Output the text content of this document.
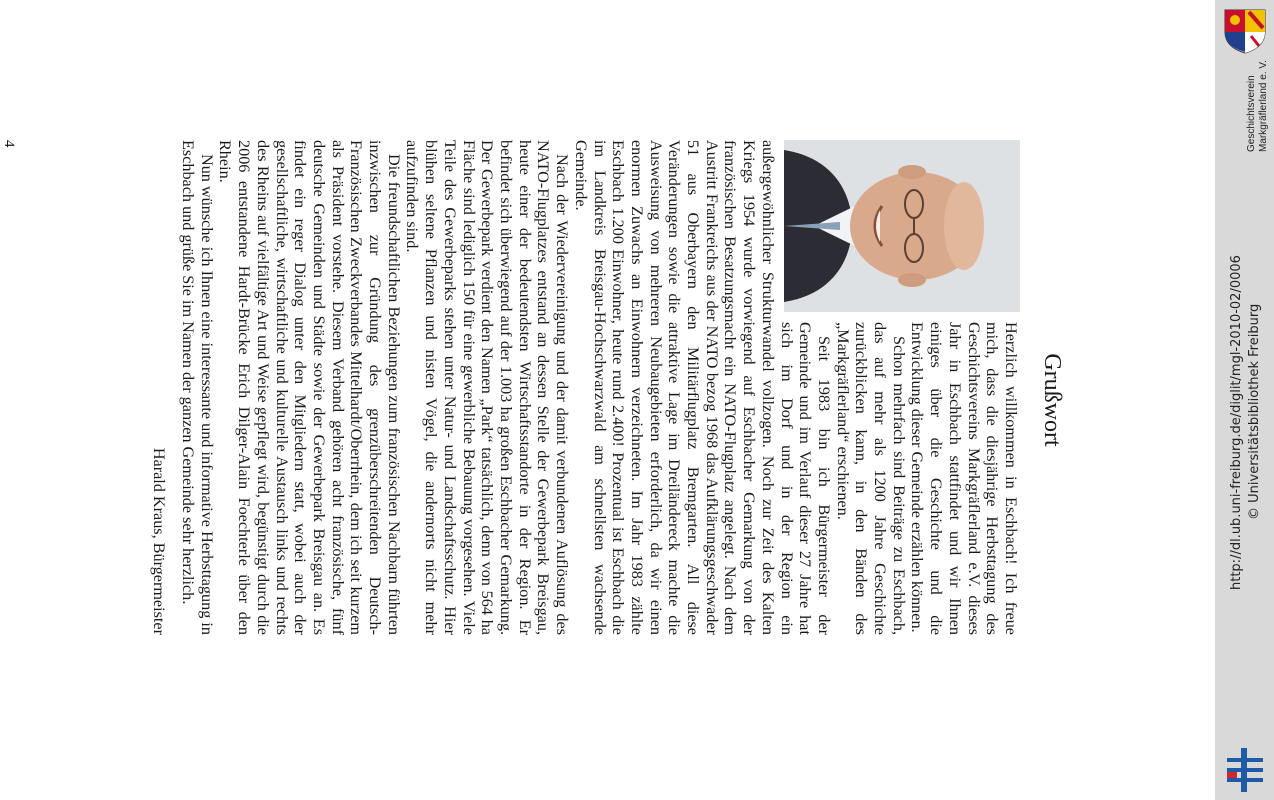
Grußwort

Herzlich willkommen in Eschbach! Ich freue mich, dass die diesjährige Herbsttagung des Geschichtsvereins Markgräflerland e.V. dieses Jahr in Eschbach stattfindet und wir Ihnen einiges über die Geschichte und die Entwicklung dieser Gemeinde erzählen können.

Schon mehrfach sind Beiträge zu Eschbach, das auf mehr als 1200 Jahre Geschichte zurückblicken kann, in den Bänden des „Markgräflerland“ erschienen.

Seit 1983 bin ich Bürgermeister der Gemeinde und im Verlauf dieser 27 Jahre hat sich im Dorf und in der Region ein außergewöhnlicher Strukturwandel vollzogen. Noch zur Zeit des Kalten Kriegs 1954 wurde vorwiegend auf Eschbacher Gemarkung von der französischen Besatzungsmacht ein NATO-Flugplatz angelegt. Nach dem Austritt Frankreichs aus der NATO bezog 1968 das Aufklärungsgeschwader 51 aus Oberbayern den Militärflugplatz Bremgarten. All diese Veränderungen sowie die attraktive Lage im Dreiländereck machte die Ausweisung von mehreren Neubaugebieten erforderlich, da wir einen enormen Zuwachs an Einwohnern verzeichneten. Im Jahr 1983 zählte Eschbach 1.200 Einwohner, heute rund 2.400! Prozentual ist Eschbach die im Landkreis Breisgau-Hochschwarzwald am schnellsten wachsende Gemeinde.

Nach der Wiedervereinigung und der damit verbundenen Auflösung des NATO-Flugplatzes entstand an dessen Stelle der Gewerbepark Breisgau, heute einer der bedeutendsten Wirtschaftsstandorte in der Region. Er befindet sich überwiegend auf der 1.003 ha großen Eschbacher Gemarkung. Der Gewerbepark verdient den Namen „Park“ tatsächlich, denn von 564 ha Fläche sind lediglich 150 für eine gewerbliche Bebauung vorgesehen. Viele Teile des Gewerbeparks stehen unter Natur- und Landschaftsschutz. Hier blühen seltene Pflanzen und nisten Vögel, die andernorts nicht mehr aufzufinden sind.

Die freundschaftlichen Beziehungen zum französischen Nachbarn führten inzwischen zur Gründung des grenzüberschreitenden Deutsch-Französischen Zweckverbandes Mittelhardt/Oberrhein, dem ich seit kurzem als Präsident vorstehe. Diesem Verband gehören acht französische, fünf deutsche Gemeinden und Städte sowie der Gewerbepark Breisgau an. Es findet ein reger Dialog unter den Mitgliedern statt, wobei auch der gesellschaftliche, wirtschaftliche und kulturelle Austausch links und rechts des Rheins auf vielfältige Art und Weise gepflegt wird, begünstigt durch die 2006 entstandene Hardt-Brücke Erich Dilger-Alain Foechterle über den Rhein.

Nun wünsche ich Ihnen eine interessante und informative Herbsttagung in Eschbach und grüße Sie im Namen der ganzen Gemeinde sehr herzlich.

Harald Kraus, Bürgermeister
4	Geschichtsverein Markgräflerland e. V.
http://dl.ub.uni-freiburg.de/diglit/mgl-2010-02/0006 © Universitätsbibliothek Freiburg
